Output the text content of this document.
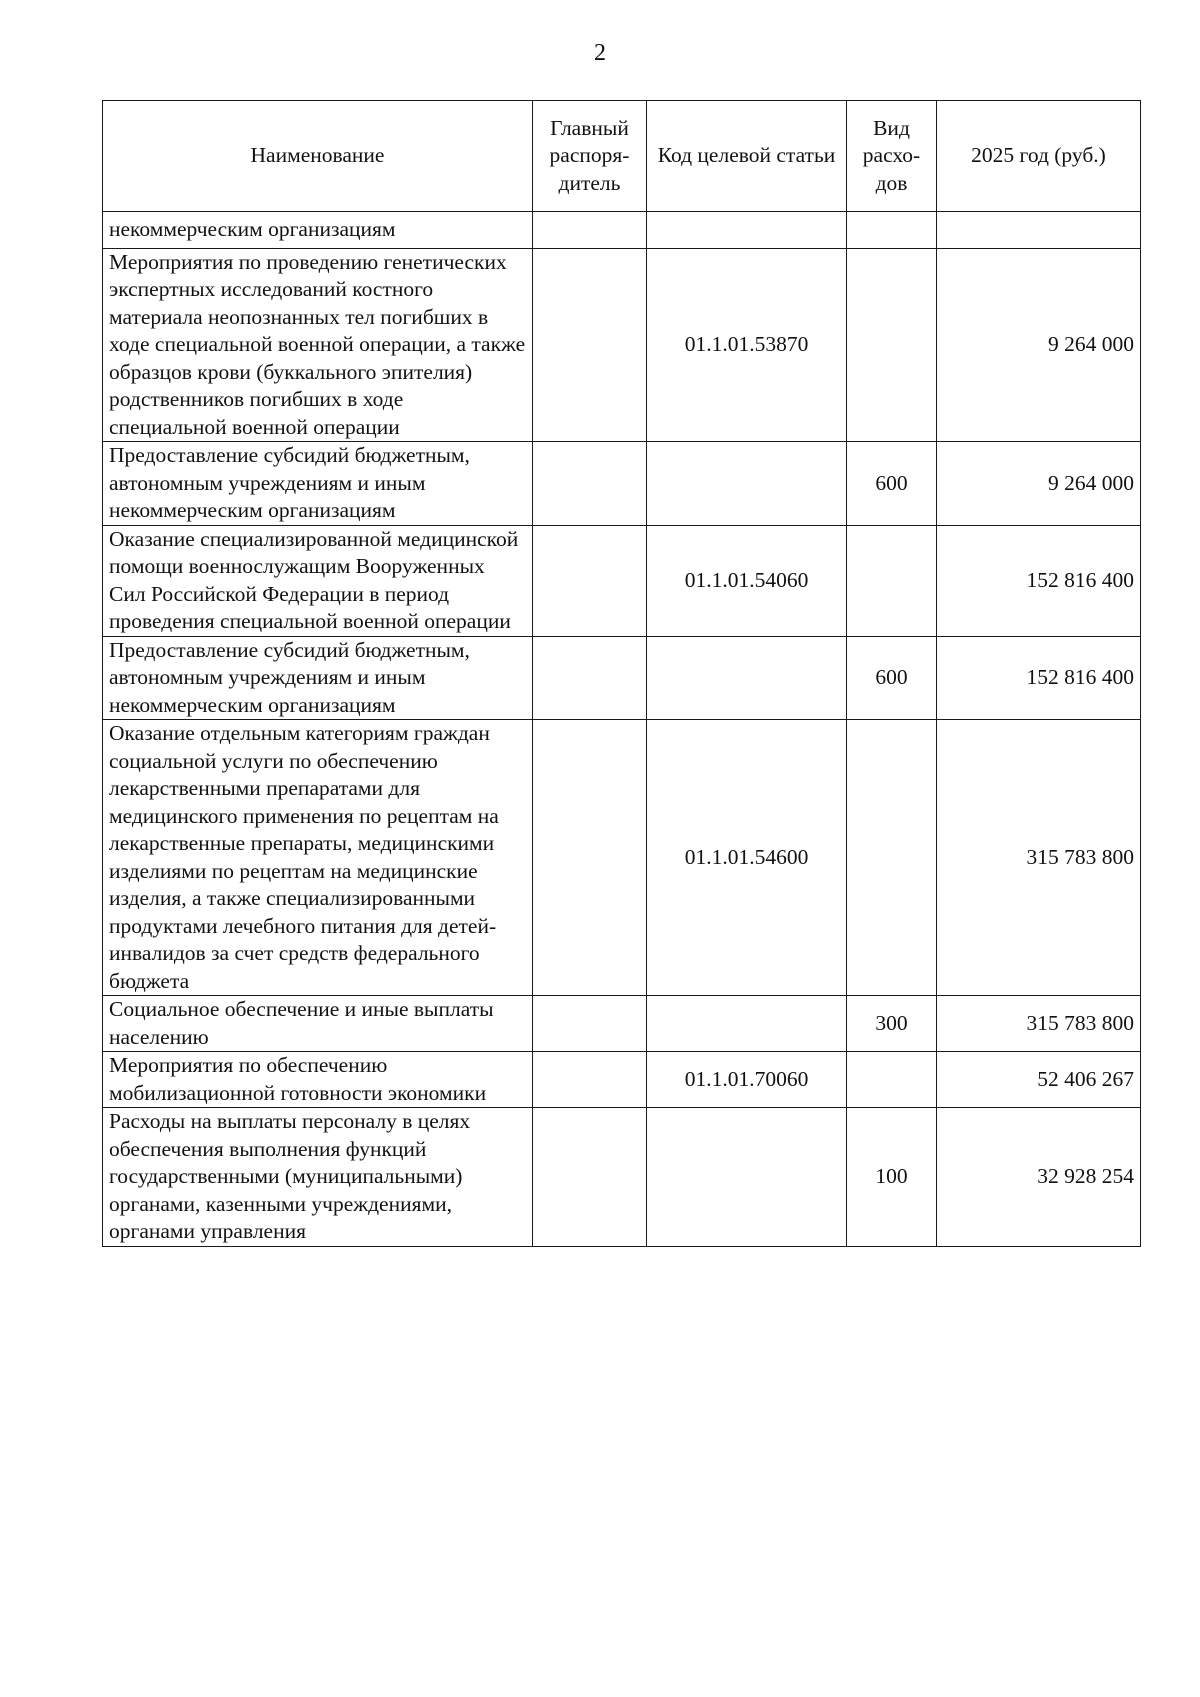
2
Наименование	Главный распоря-дитель	Код целевой статьи	Вид расхо-дов	2025 год (руб.)
некоммерческим организациям				
Мероприятия по проведению генетических экспертных исследований костного материала неопознанных тел погибших в ходе специальной военной операции, а также образцов крови (буккального эпителия) родственников погибших в ходе специальной военной операции		01.1.01.53870		9 264 000
Предоставление субсидий бюджетным, автономным учреждениям и иным некоммерческим организациям			600	9 264 000
Оказание специализированной медицинской помощи военнослужащим Вооруженных Сил Российской Федерации в период проведения специальной военной операции		01.1.01.54060		152 816 400
Предоставление субсидий бюджетным, автономным учреждениям и иным некоммерческим организациям			600	152 816 400
Оказание отдельным категориям граждан социальной услуги по обеспечению лекарственными препаратами для медицинского применения по рецептам на лекарственные препараты, медицинскими изделиями по рецептам на медицинские изделия, а также специализированными продуктами лечебного питания для детей-инвалидов за счет средств федерального бюджета		01.1.01.54600		315 783 800
Социальное обеспечение и иные выплаты населению			300	315 783 800
Мероприятия по обеспечению мобилизационной готовности экономики		01.1.01.70060		52 406 267
Расходы на выплаты персоналу в целях обеспечения выполнения функций государственными (муниципальными) органами, казенными учреждениями, органами управления			100	32 928 254
